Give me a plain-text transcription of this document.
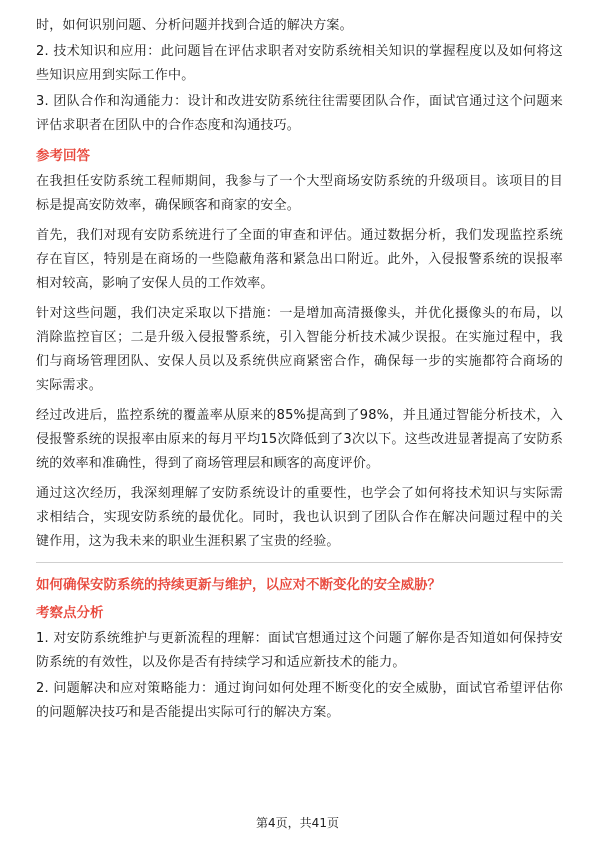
时，如何识别问题、分析问题并找到合适的解决方案。

2. 技术知识和应用：此问题旨在评估求职者对安防系统相关知识的掌握程度以及如何将这些知识应用到实际工作中。

3. 团队合作和沟通能力：设计和改进安防系统往往需要团队合作，面试官通过这个问题来评估求职者在团队中的合作态度和沟通技巧。

参考回答

在我担任安防系统工程师期间，我参与了一个大型商场安防系统的升级项目。该项目的目标是提高安防效率，确保顾客和商家的安全。

首先，我们对现有安防系统进行了全面的审查和评估。通过数据分析，我们发现监控系统存在盲区，特别是在商场的一些隐蔽角落和紧急出口附近。此外，入侵报警系统的误报率相对较高，影响了安保人员的工作效率。

针对这些问题，我们决定采取以下措施：一是增加高清摄像头，并优化摄像头的布局，以消除监控盲区；二是升级入侵报警系统，引入智能分析技术减少误报。在实施过程中，我们与商场管理团队、安保人员以及系统供应商紧密合作，确保每一步的实施都符合商场的实际需求。

经过改进后，监控系统的覆盖率从原来的85%提高到了98%，并且通过智能分析技术，入侵报警系统的误报率由原来的每月平均15次降低到了3次以下。这些改进显著提高了安防系统的效率和准确性，得到了商场管理层和顾客的高度评价。

通过这次经历，我深刻理解了安防系统设计的重要性，也学会了如何将技术知识与实际需求相结合，实现安防系统的最优化。同时，我也认识到了团队合作在解决问题过程中的关键作用，这为我未来的职业生涯积累了宝贵的经验。

如何确保安防系统的持续更新与维护，以应对不断变化的安全威胁？
考察点分析

1. 对安防系统维护与更新流程的理解：面试官想通过这个问题了解你是否知道如何保持安防系统的有效性，以及你是否有持续学习和适应新技术的能力。

2. 问题解决和应对策略能力：通过询问如何处理不断变化的安全威胁，面试官希望评估你的问题解决技巧和是否能提出实际可行的解决方案。

第4页，共41页
